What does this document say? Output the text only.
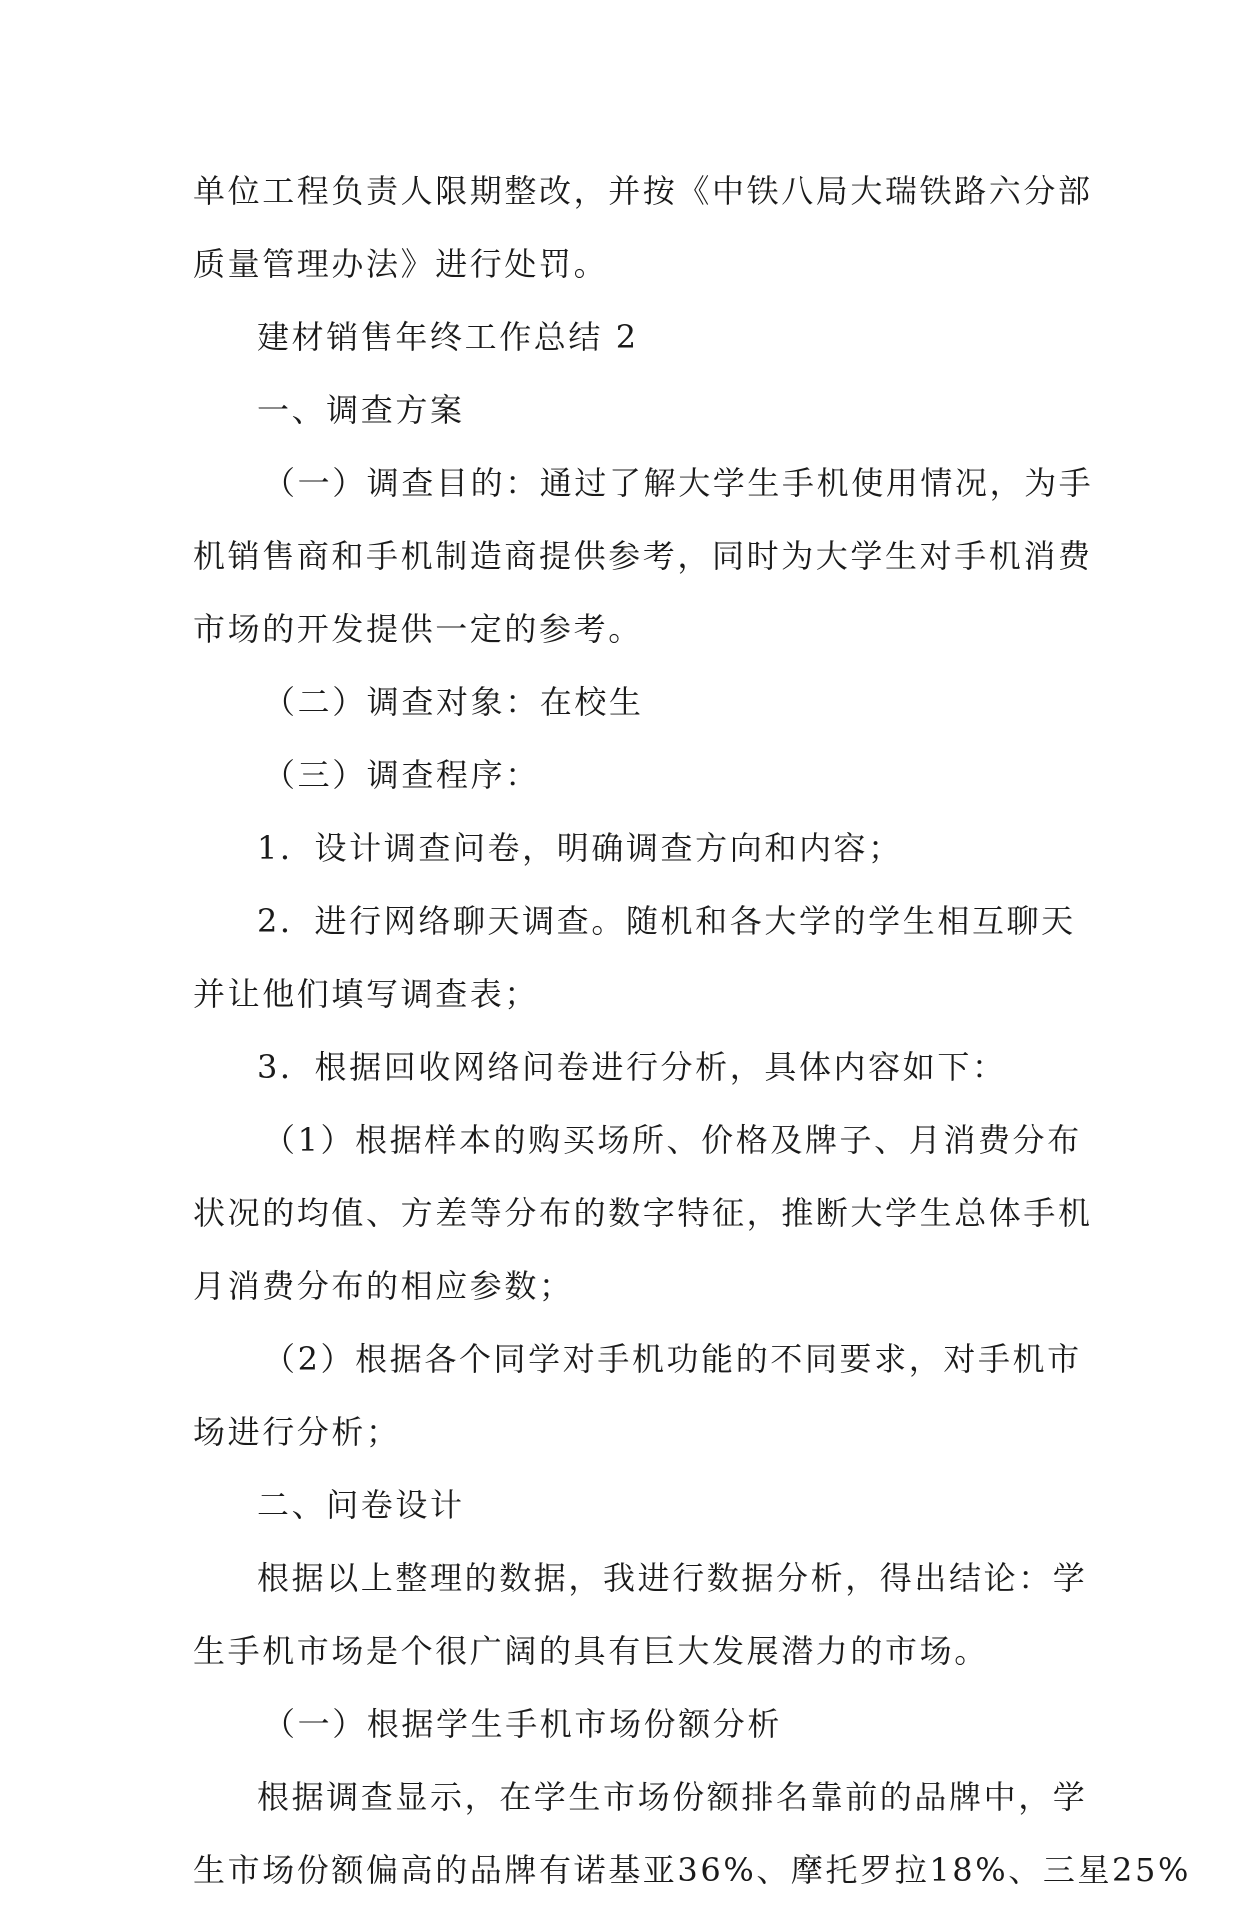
单位工程负责人限期整改，并按《中铁八局大瑞铁路六分部

质量管理办法》进行处罚。

建材销售年终工作总结 2

一、调查方案

（一）调查目的：通过了解大学生手机使用情况，为手

机销售商和手机制造商提供参考，同时为大学生对手机消费

市场的开发提供一定的参考。

（二）调查对象：在校生

（三）调查程序：

1．设计调查问卷，明确调查方向和内容；

2．进行网络聊天调查。随机和各大学的学生相互聊天

并让他们填写调查表；

3．根据回收网络问卷进行分析，具体内容如下：

（1）根据样本的购买场所、价格及牌子、月消费分布

状况的均值、方差等分布的数字特征，推断大学生总体手机

月消费分布的相应参数；

（2）根据各个同学对手机功能的不同要求，对手机市

场进行分析；

二、问卷设计

根据以上整理的数据，我进行数据分析，得出结论：学

生手机市场是个很广阔的具有巨大发展潜力的市场。

（一）根据学生手机市场份额分析

根据调查显示，在学生市场份额排名靠前的品牌中，学

生市场份额偏高的品牌有诺基亚36%、摩托罗拉18%、三星25%
